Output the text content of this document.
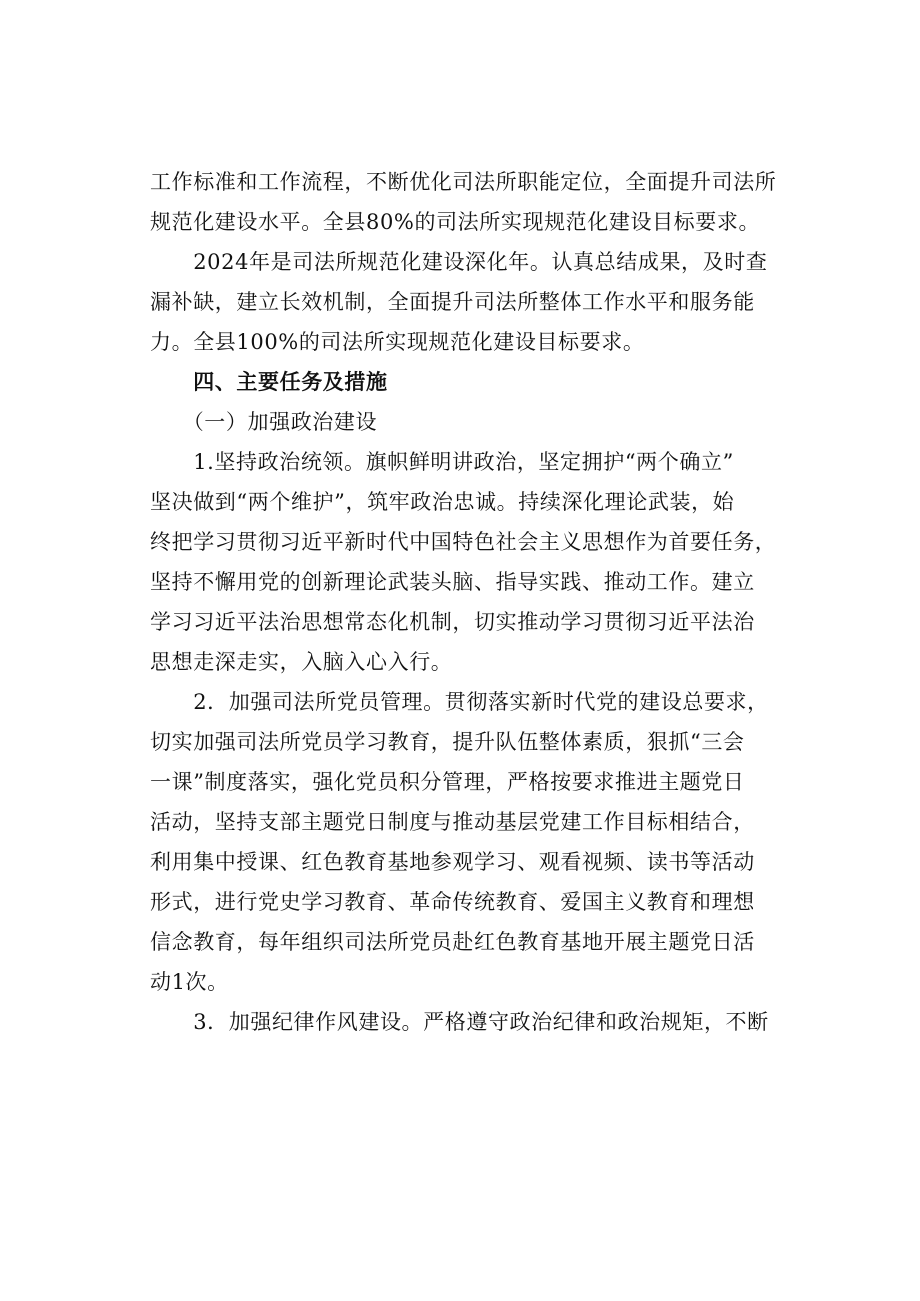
工作标准和工作流程，不断优化司法所职能定位，全面提升司法所
规范化建设水平。全县80%的司法所实现规范化建设目标要求。
　　2024年是司法所规范化建设深化年。认真总结成果，及时查
漏补缺，建立长效机制，全面提升司法所整体工作水平和服务能
力。全县100%的司法所实现规范化建设目标要求。
　　四、主要任务及措施
　　（一）加强政治建设
　　1.坚持政治统领。旗帜鲜明讲政治，坚定拥护“两个确立”
坚决做到“两个维护”，筑牢政治忠诚。持续深化理论武装，始
终把学习贯彻习近平新时代中国特色社会主义思想作为首要任务，
坚持不懈用党的创新理论武装头脑、指导实践、推动工作。建立
学习习近平法治思想常态化机制，切实推动学习贯彻习近平法治
思想走深走实，入脑入心入行。
　　2．加强司法所党员管理。贯彻落实新时代党的建设总要求，
切实加强司法所党员学习教育，提升队伍整体素质，狠抓“三会
一课”制度落实，强化党员积分管理，严格按要求推进主题党日
活动，坚持支部主题党日制度与推动基层党建工作目标相结合，
利用集中授课、红色教育基地参观学习、观看视频、读书等活动
形式，进行党史学习教育、革命传统教育、爱国主义教育和理想
信念教育，每年组织司法所党员赴红色教育基地开展主题党日活
动1次。
　　3．加强纪律作风建设。严格遵守政治纪律和政治规矩，不断
